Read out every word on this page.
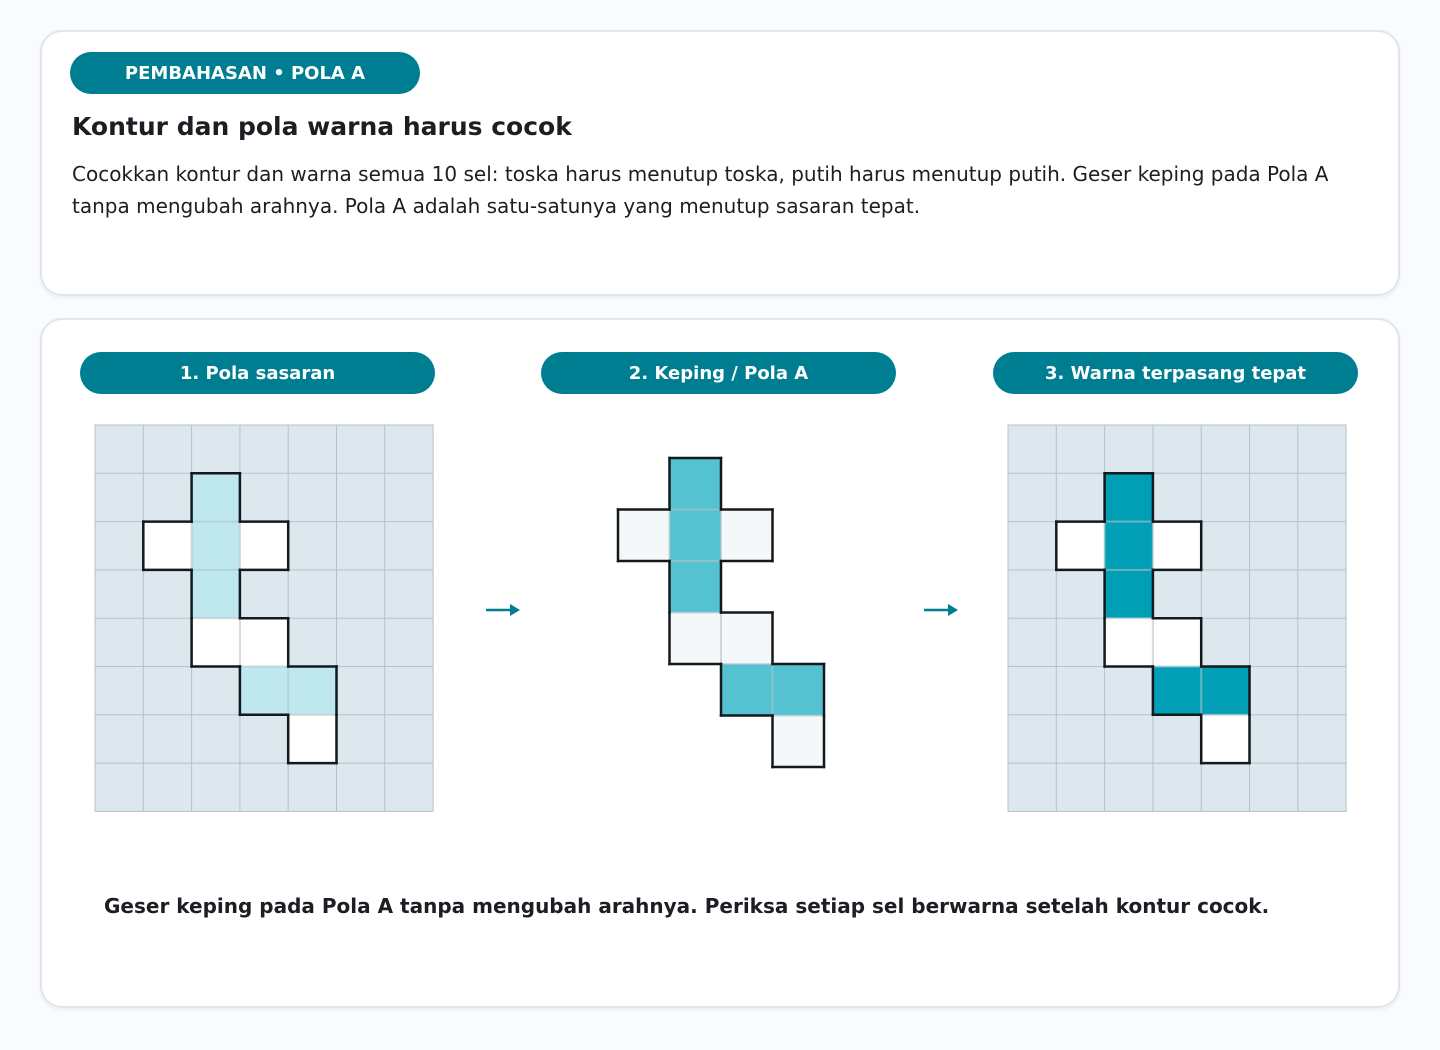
PEMBAHASAN • POLA A
Kontur dan pola warna harus cocok
Cocokkan kontur dan warna semua 10 sel: toska harus menutup toska, putih harus menutup putih. Geser keping pada Pola A tanpa mengubah arahnya. Pola A adalah satu-satunya yang menutup sasaran tepat.
1. Pola sasaran	2. Keping / Pola A	3. Warna terpasang tepat
Geser keping pada Pola A tanpa mengubah arahnya. Periksa setiap sel berwarna setelah kontur cocok.
